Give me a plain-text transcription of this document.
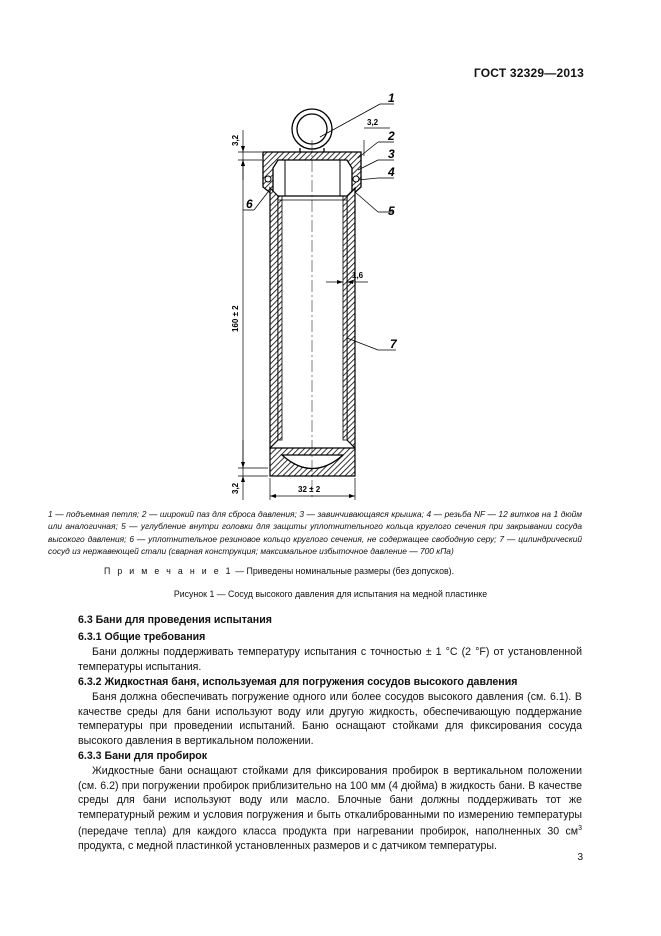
ГОСТ 32329—2013
1
2
3
4
5
6
7
3,2
3,2
160 ± 2
1,6
3,2	32 ± 2
1 — подъемная петля; 2 — широкий паз для сброса давления; 3 — завинчивающаяся крышка; 4 — резьба NF — 12 витков на 1 дюйм или аналогичная; 5 — углубление внутри головки для защиты уплотнительного кольца круглого сечения при закрывании сосуда высокого давления; 6 — уплотнительное резиновое кольцо круглого сечения, не содержащее свободную серу; 7 — цилиндрический сосуд из нержавеющей стали (сварная конструкция; максимальное избыточное давление — 700 кПа)
П р и м е ч а н и е 1 — Приведены номинальные размеры (без допусков).
Рисунок 1 — Сосуд высокого давления для испытания на медной пластинке
6.3 Бани для проведения испытания
6.3.1 Общие требования
Бани должны поддерживать температуру испытания с точностью ± 1 °C (2 °F) от установленной температуры испытания.
6.3.2 Жидкостная баня, используемая для погружения сосудов высокого давления
Баня должна обеспечивать погружение одного или более сосудов высокого давления (см. 6.1). В качестве среды для бани используют воду или другую жидкость, обеспечивающую поддержание температуры при проведении испытаний. Баню оснащают стойками для фиксирования сосуда высокого давления в вертикальном положении.
6.3.3 Бани для пробирок
Жидкостные бани оснащают стойками для фиксирования пробирок в вертикальном положении (см. 6.2) при погружении пробирок приблизительно на 100 мм (4 дюйма) в жидкость бани. В качестве среды для бани используют воду или масло. Блочные бани должны поддерживать тот же температурный режим и условия погружения и быть откалиброванными по измерению температуры (передаче тепла) для каждого класса продукта при нагревании пробирок, наполненных 30 $см^3$ продукта, с медной пластинкой установленных размеров и с датчиком температуры.
3
